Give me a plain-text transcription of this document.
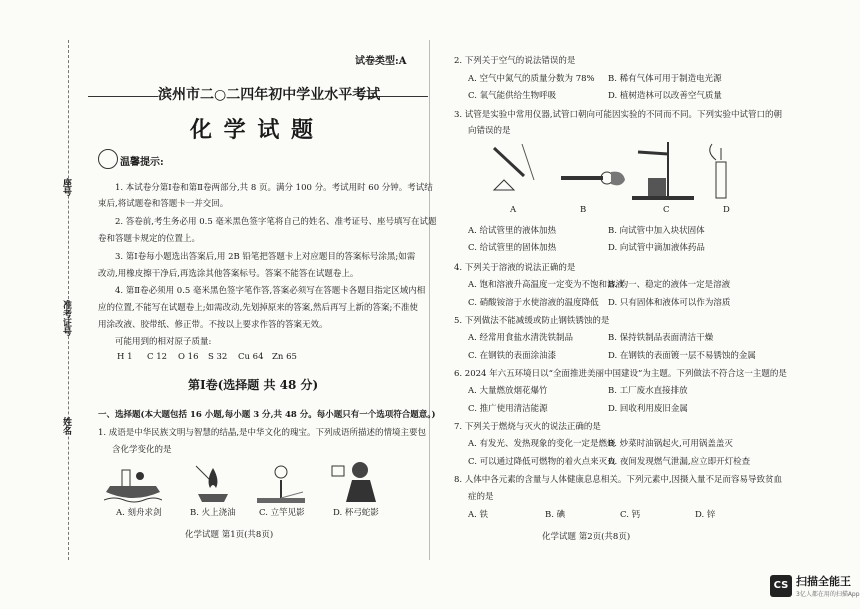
座号
准考证号
姓名
试卷类型:A
滨州市二○二四年初中学业水平考试
化 学 试 题
温馨提示:
1. 本试卷分第Ⅰ卷和第Ⅱ卷两部分,共 8 页。满分 100 分。考试用时 60 分钟。考试结
束后,将试题卷和答题卡一并交回。
2. 答卷前,考生务必用 0.5 毫米黑色签字笔将自己的姓名、准考证号、座号填写在试题
卷和答题卡规定的位置上。
3. 第Ⅰ卷每小题选出答案后,用 2B 铅笔把答题卡上对应题目的答案标号涂黑;如需
改动,用橡皮擦干净后,再选涂其他答案标号。答案不能答在试题卷上。
4. 第Ⅱ卷必须用 0.5 毫米黑色签字笔作答,答案必须写在答题卡各题目指定区域内相
应的位置,不能写在试题卷上;如需改动,先划掉原来的答案,然后再写上新的答案;不准使
用涂改液、胶带纸、修正带。不按以上要求作答的答案无效。
可能用到的相对原子质量:
H 1 C 12 O 16 S 32 Cu 64 Zn 65
第Ⅰ卷(选择题 共 48 分)
一、选择题(本大题包括 16 小题,每小题 3 分,共 48 分。每小题只有一个选项符合题意。)
1. 成语是中华民族文明与智慧的结晶,是中华文化的瑰宝。下列成语所描述的情境主要包
含化学变化的是
A. 刻舟求剑	B. 火上浇油	C. 立竿见影	D. 杯弓蛇影
化学试题 第1页(共8页)
2. 下列关于空气的说法错误的是
A. 空气中氮气的质量分数为 78% B. 稀有气体可用于制造电光源
C. 氧气能供给生物呼吸	D. 植树造林可以改善空气质量
3. 试管是实验中常用仪器,试管口朝向可能因实验的不同而不同。下列实验中试管口的朝
向错误的是
A	B	C	D
A. 给试管里的液体加热	B. 向试管中加入块状固体
C. 给试管里的固体加热	D. 向试管中滴加液体药品
4. 下列关于溶液的说法正确的是
A. 饱和溶液升高温度一定变为不饱和溶液
B. 均一、稳定的液体一定是溶液
C. 硝酸铵溶于水使溶液的温度降低 D. 只有固体和液体可以作为溶质
5. 下列做法不能减缓或防止钢铁锈蚀的是
A. 经常用食盐水清洗铁制品	B. 保持铁制品表面清洁干燥
C. 在钢铁的表面涂油漆	D. 在钢铁的表面镀一层不易锈蚀的金属
6. 2024 年六五环境日以“全面推进美丽中国建设”为主题。下列做法不符合这一主题的是
A. 大量燃放烟花爆竹	B. 工厂废水直接排放
C. 推广使用清洁能源	D. 回收利用废旧金属
7. 下列关于燃烧与灭火的说法正确的是
A. 有发光、发热现象的变化一定是燃烧
B. 炒菜时油锅起火,可用锅盖盖灭
C. 可以通过降低可燃物的着火点来灭火
D. 夜间发现燃气泄漏,应立即开灯检查
8. 人体中各元素的含量与人体健康息息相关。下列元素中,因摄入量不足而容易导致贫血
症的是
A. 铁	B. 碘	C. 钙	D. 锌
化学试题 第2页(共8页)
CS 扫描全能王
3亿人都在用的扫描App
